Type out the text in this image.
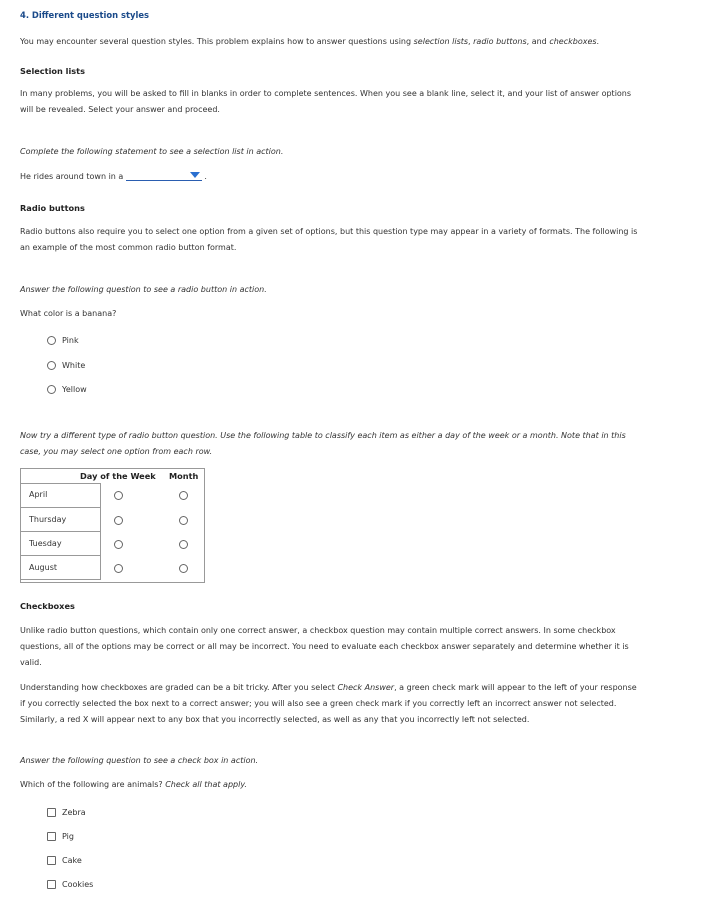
4. Different question styles
You may encounter several question styles. This problem explains how to answer questions using selection lists, radio buttons, and checkboxes.
Selection lists
In many problems, you will be asked to fill in blanks in order to complete sentences. When you see a blank line, select it, and your list of answer options will be revealed. Select your answer and proceed.
Complete the following statement to see a selection list in action.
He rides around town in a	.
Radio buttons
Radio buttons also require you to select one option from a given set of options, but this question type may appear in a variety of formats. The following is an example of the most common radio button format.
Answer the following question to see a radio button in action.
What color is a banana?
Pink
White
Yellow
Now try a different type of radio button question. Use the following table to classify each item as either a day of the week or a month. Note that in this case, you may select one option from each row.
Day of the Week Month
April
Thursday
Tuesday
August
Checkboxes
Unlike radio button questions, which contain only one correct answer, a checkbox question may contain multiple correct answers. In some checkbox questions, all of the options may be correct or all may be incorrect. You need to evaluate each checkbox answer separately and determine whether it is valid.
Understanding how checkboxes are graded can be a bit tricky. After you select Check Answer, a green check mark will appear to the left of your response if you correctly selected the box next to a correct answer; you will also see a green check mark if you correctly left an incorrect answer not selected. Similarly, a red X will appear next to any box that you incorrectly selected, as well as any that you incorrectly left not selected.
Answer the following question to see a check box in action.
Which of the following are animals? Check all that apply.
Zebra
Pig
Cake
Cookies
